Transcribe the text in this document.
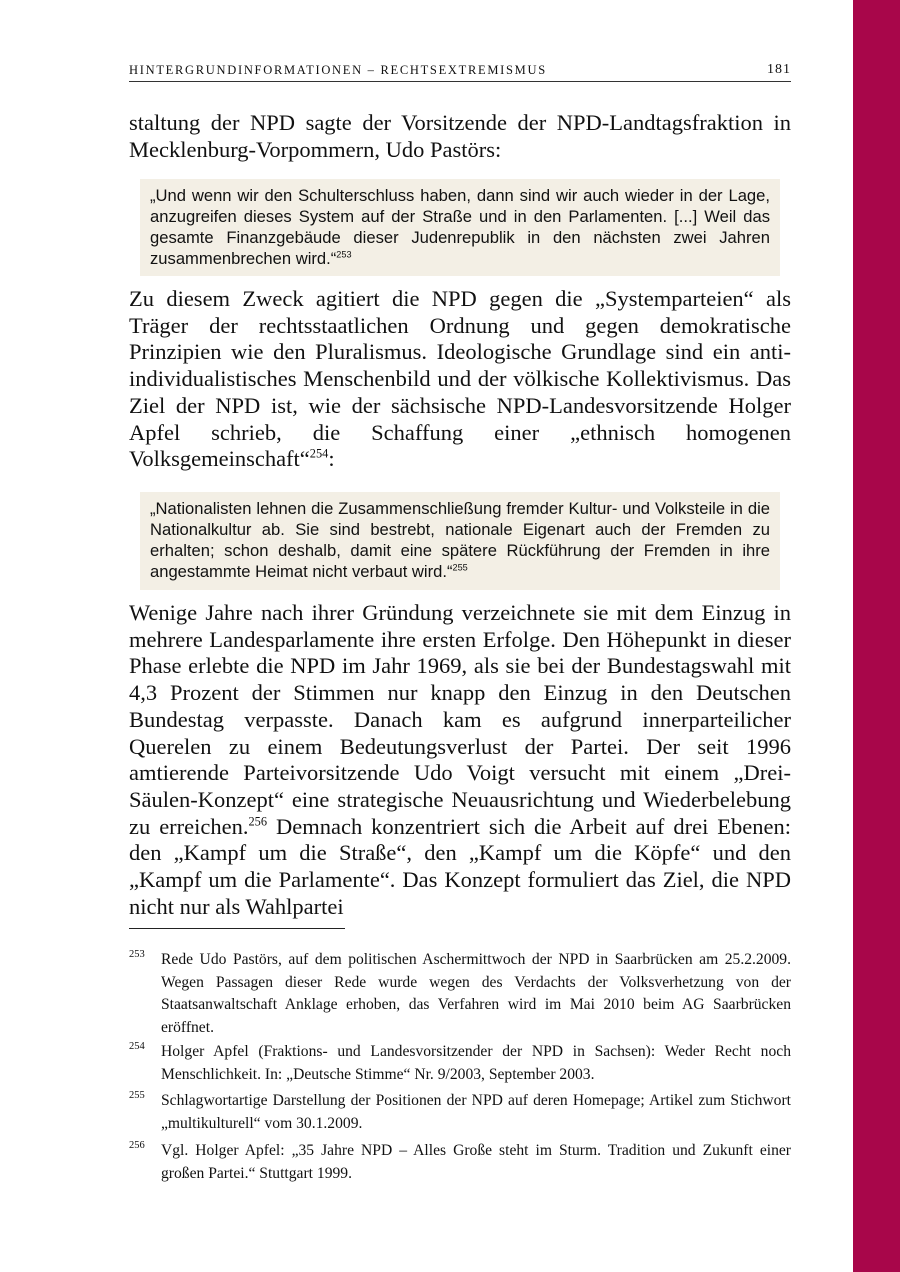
HINTERGRUNDINFORMATIONEN – RECHTSEXTREMISMUS	181

staltung der NPD sagte der Vorsitzende der NPD-Landtagsfraktion in Mecklenburg-Vorpommern, Udo Pastörs:

„Und wenn wir den Schulterschluss haben, dann sind wir auch wieder in der Lage, anzugreifen dieses System auf der Straße und in den Parlamenten. [...] Weil das gesamte Finanzgebäude dieser Judenrepublik in den nächsten zwei Jahren zusammenbrechen wird.“$^{253}$

Zu diesem Zweck agitiert die NPD gegen die „Systemparteien“ als Träger der rechtsstaatlichen Ordnung und gegen demokratische Prinzipien wie den Pluralismus. Ideologische Grundlage sind ein anti-individualistisches Menschenbild und der völkische Kollektivismus. Das Ziel der NPD ist, wie der sächsische NPD-Landesvorsitzende Holger Apfel schrieb, die Schaffung einer „ethnisch homogenen Volksgemeinschaft“$^{254}$:

„Nationalisten lehnen die Zusammenschließung fremder Kultur- und Volksteile in die Nationalkultur ab. Sie sind bestrebt, nationale Eigenart auch der Fremden zu erhalten; schon deshalb, damit eine spätere Rückführung der Fremden in ihre angestammte Heimat nicht verbaut wird.“$^{255}$

Wenige Jahre nach ihrer Gründung verzeichnete sie mit dem Einzug in mehrere Landesparlamente ihre ersten Erfolge. Den Höhepunkt in dieser Phase erlebte die NPD im Jahr 1969, als sie bei der Bundestagswahl mit 4,3 Prozent der Stimmen nur knapp den Einzug in den Deutschen Bundestag verpasste. Danach kam es aufgrund innerparteilicher Querelen zu einem Bedeutungsverlust der Partei. Der seit 1996 amtierende Parteivorsitzende Udo Voigt versucht mit einem „Drei-Säulen-Konzept“ eine strategische Neuausrichtung und Wiederbelebung zu erreichen.$^{256}$ Demnach konzentriert sich die Arbeit auf drei Ebenen: den „Kampf um die Straße“, den „Kampf um die Köpfe“ und den „Kampf um die Parlamente“. Das Konzept formuliert das Ziel, die NPD nicht nur als Wahlpartei

253 Rede Udo Pastörs, auf dem politischen Aschermittwoch der NPD in Saarbrücken am 25.2.2009. Wegen Passagen dieser Rede wurde wegen des Verdachts der Volksverhetzung von der Staatsanwaltschaft Anklage erhoben, das Verfahren wird im Mai 2010 beim AG Saarbrücken eröffnet.
254 Holger Apfel (Fraktions- und Landesvorsitzender der NPD in Sachsen): Weder Recht noch Menschlichkeit. In: „Deutsche Stimme“ Nr. 9/2003, September 2003.
255 Schlagwortartige Darstellung der Positionen der NPD auf deren Homepage; Artikel zum Stichwort „multikulturell“ vom 30.1.2009.
256 Vgl. Holger Apfel: „35 Jahre NPD – Alles Große steht im Sturm. Tradition und Zukunft einer großen Partei.“ Stuttgart 1999.
